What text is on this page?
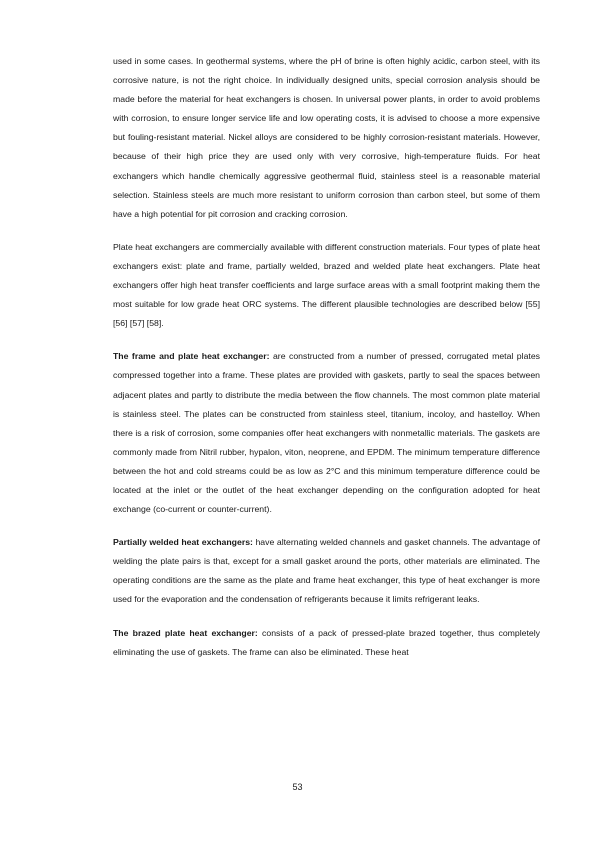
used in some cases. In geothermal systems, where the pH of brine is often highly acidic, carbon steel, with its corrosive nature, is not the right choice. In individually designed units, special corrosion analysis should be made before the material for heat exchangers is chosen. In universal power plants, in order to avoid problems with corrosion, to ensure longer service life and low operating costs, it is advised to choose a more expensive but fouling-resistant material. Nickel alloys are considered to be highly corrosion-resistant materials. However, because of their high price they are used only with very corrosive, high-temperature fluids. For heat exchangers which handle chemically aggressive geothermal fluid, stainless steel is a reasonable material selection. Stainless steels are much more resistant to uniform corrosion than carbon steel, but some of them have a high potential for pit corrosion and cracking corrosion.

Plate heat exchangers are commercially available with different construction materials. Four types of plate heat exchangers exist: plate and frame, partially welded, brazed and welded plate heat exchangers. Plate heat exchangers offer high heat transfer coefficients and large surface areas with a small footprint making them the most suitable for low grade heat ORC systems. The different plausible technologies are described below [55] [56] [57] [58].

The frame and plate heat exchanger: are constructed from a number of pressed, corrugated metal plates compressed together into a frame. These plates are provided with gaskets, partly to seal the spaces between adjacent plates and partly to distribute the media between the flow channels. The most common plate material is stainless steel. The plates can be constructed from stainless steel, titanium, incoloy, and hastelloy. When there is a risk of corrosion, some companies offer heat exchangers with nonmetallic materials. The gaskets are commonly made from Nitril rubber, hypalon, viton, neoprene, and EPDM. The minimum temperature difference between the hot and cold streams could be as low as 2°C and this minimum temperature difference could be located at the inlet or the outlet of the heat exchanger depending on the configuration adopted for heat exchange (co-current or counter-current).

Partially welded heat exchangers: have alternating welded channels and gasket channels. The advantage of welding the plate pairs is that, except for a small gasket around the ports, other materials are eliminated. The operating conditions are the same as the plate and frame heat exchanger, this type of heat exchanger is more used for the evaporation and the condensation of refrigerants because it limits refrigerant leaks.

The brazed plate heat exchanger: consists of a pack of pressed-plate brazed together, thus completely eliminating the use of gaskets. The frame can also be eliminated. These heat

53
